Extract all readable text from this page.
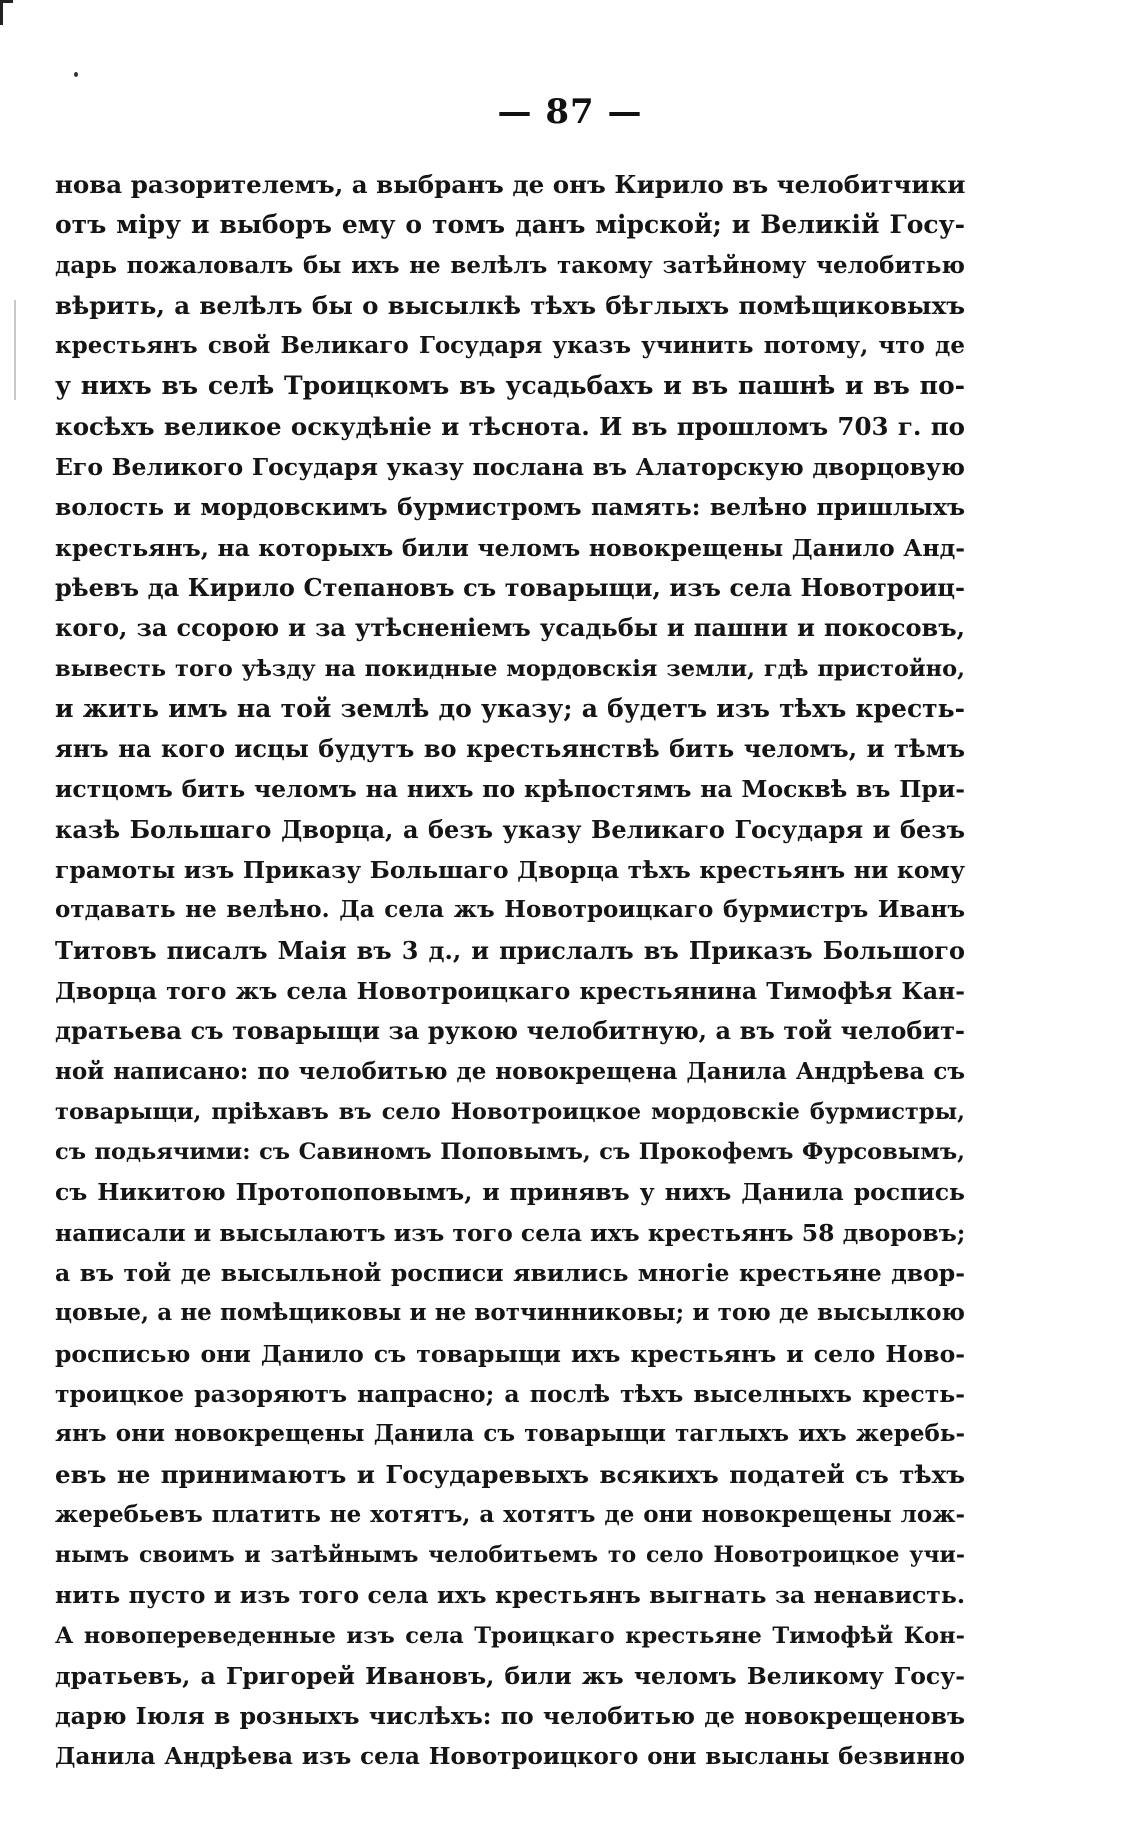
— 87 —
нова разорителемъ, а выбранъ де онъ Кирило въ челобитчики
отъ міру и выборъ ему о томъ данъ мірской; и Великій Госу-
дарь пожаловалъ бы ихъ не велѣлъ такому затѣйному челобитью
вѣрить, а велѣлъ бы о высылкѣ тѣхъ бѣглыхъ помѣщиковыхъ
крестьянъ свой Великаго Государя указъ учинить потому, что де
у нихъ въ селѣ Троицкомъ въ усадьбахъ и въ пашнѣ и въ по-
косѣхъ великое оскудѣніе и тѣснота. И въ прошломъ 703 г. по
Его Великого Государя указу послана въ Алаторскую дворцовую
волость и мордовскимъ бурмистромъ память: велѣно пришлыхъ
крестьянъ, на которыхъ били челомъ новокрещены Данило Анд-
рѣевъ да Кирило Степановъ съ товарыщи, изъ села Новотроиц-
кого, за ссорою и за утѣсненіемъ усадьбы и пашни и покосовъ,
вывесть того уѣзду на покидные мордовскія земли, гдѣ пристойно,
и жить имъ на той землѣ до указу; а будетъ изъ тѣхъ кресть-
янъ на кого исцы будутъ во крестьянствѣ бить челомъ, и тѣмъ
истцомъ бить челомъ на нихъ по крѣпостямъ на Москвѣ въ При-
казѣ Большаго Дворца, а безъ указу Великаго Государя и безъ
грамоты изъ Приказу Большаго Дворца тѣхъ крестьянъ ни кому
отдавать не велѣно. Да села жъ Новотроицкаго бурмистръ Иванъ
Титовъ писалъ Маія въ 3 д., и прислалъ въ Приказъ Большого
Дворца того жъ села Новотроицкаго крестьянина Тимофѣя Кан-
дратьева съ товарыщи за рукою челобитную, а въ той челобит-
ной написано: по челобитью де новокрещена Данила Андрѣева съ
товарыщи, пріѣхавъ въ село Новотроицкое мордовскіе бурмистры,
съ подьячими: съ Савиномъ Поповымъ, съ Прокофемъ Фурсовымъ,
съ Никитою Протопоповымъ, и принявъ у нихъ Данила роспись
написали и высылаютъ изъ того села ихъ крестьянъ 58 дворовъ;
а въ той де высыльной росписи явились многіе крестьяне двор-
цовые, а не помѣщиковы и не вотчинниковы; и тою де высылкою
росписью они Данило съ товарыщи ихъ крестьянъ и село Ново-
троицкое разоряютъ напрасно; а послѣ тѣхъ выселныхъ кресть-
янъ они новокрещены Данила съ товарыщи таглыхъ ихъ жеребь-
евъ не принимаютъ и Государевыхъ всякихъ податей съ тѣхъ
жеребьевъ платить не хотятъ, а хотятъ де они новокрещены лож-
нымъ своимъ и затѣйнымъ челобитьемъ то село Новотроицкое учи-
нить пусто и изъ того села ихъ крестьянъ выгнать за ненависть.
А новопереведенные изъ села Троицкаго крестьяне Тимофѣй Кон-
дратьевъ, а Григорей Ивановъ, били жъ челомъ Великому Госу-
дарю Іюля в розныхъ числѣхъ: по челобитью де новокрещеновъ
Данила Андрѣева изъ села Новотроицкого они высланы безвинно
